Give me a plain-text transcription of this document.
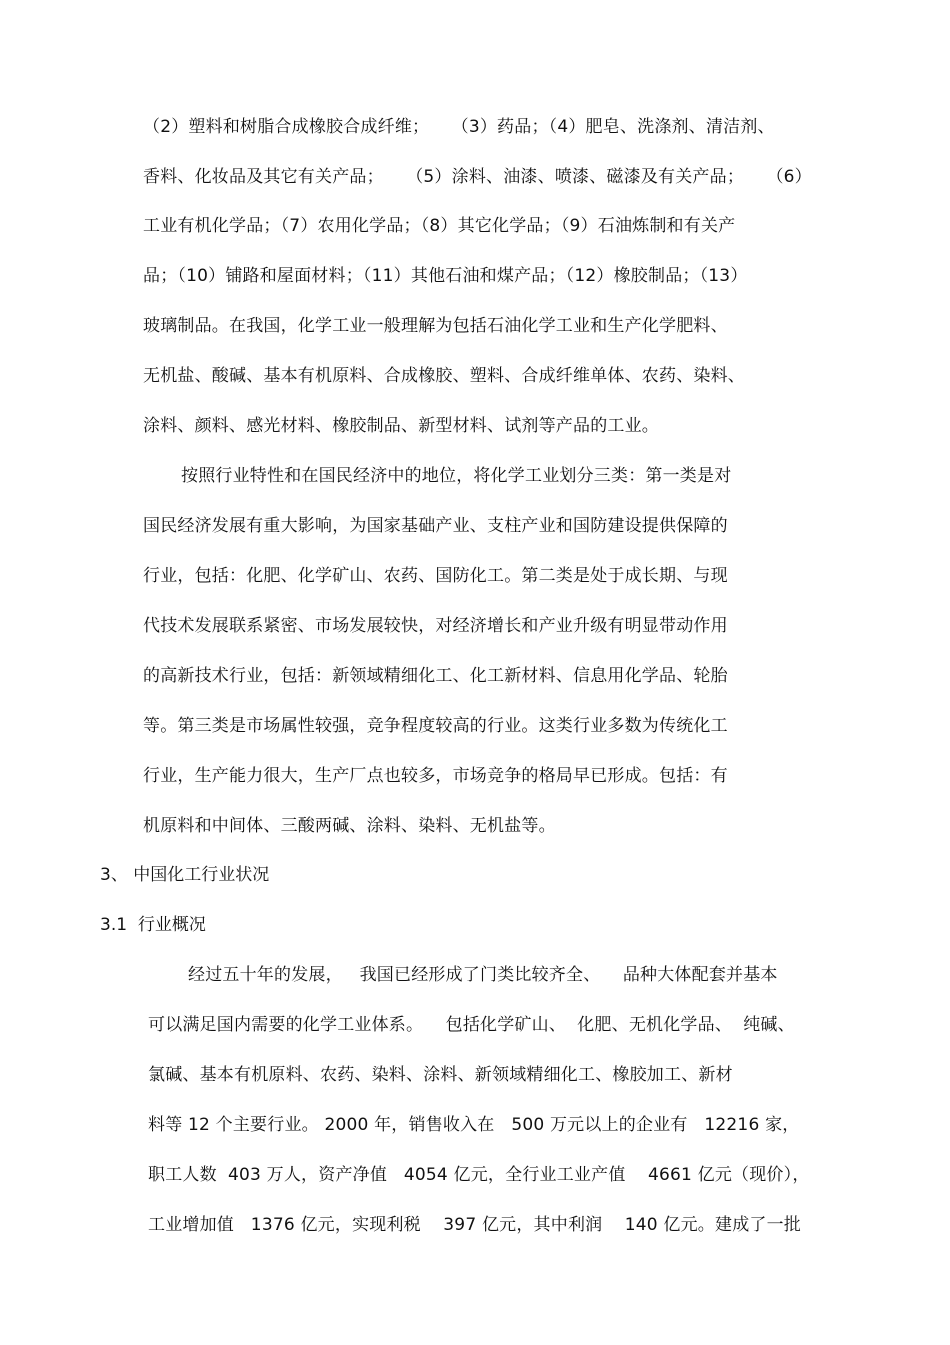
（2）塑料和树脂合成橡胶合成纤维；    （3）药品；（4）肥皂、洗涤剂、清洁剂、
香料、化妆品及其它有关产品；    （5）涂料、油漆、喷漆、磁漆及有关产品；    （6）
工业有机化学品；（7）农用化学品；（8）其它化学品；（9）石油炼制和有关产
品；（10）铺路和屋面材料；（11）其他石油和煤产品；（12）橡胶制品；（13）
玻璃制品。在我国，化学工业一般理解为包括石油化学工业和生产化学肥料、
无机盐、酸碱、基本有机原料、合成橡胶、塑料、合成纤维单体、农药、染料、
涂料、颜料、感光材料、橡胶制品、新型材料、试剂等产品的工业。
按照行业特性和在国民经济中的地位，将化学工业划分三类：第一类是对
国民经济发展有重大影响，为国家基础产业、支柱产业和国防建设提供保障的
行业，包括：化肥、化学矿山、农药、国防化工。第二类是处于成长期、与现
代技术发展联系紧密、市场发展较快，对经济增长和产业升级有明显带动作用
的高新技术行业，包括：新领域精细化工、化工新材料、信息用化学品、轮胎
等。第三类是市场属性较强，竞争程度较高的行业。这类行业多数为传统化工
行业，生产能力很大，生产厂点也较多，市场竞争的格局早已形成。包括：有
机原料和中间体、三酸两碱、涂料、染料、无机盐等。
3、 中国化工行业状况
3.1  行业概况
经过五十年的发展，   我国已经形成了门类比较齐全、    品种大体配套并基本
可以满足国内需要的化学工业体系。    包括化学矿山、  化肥、无机化学品、  纯碱、
氯碱、基本有机原料、农药、染料、涂料、新领域精细化工、橡胶加工、新材
料等 12 个主要行业。 2000 年，销售收入在   500 万元以上的企业有   12216 家，
职工人数  403 万人，资产净值   4054 亿元，全行业工业产值    4661 亿元（现价），
工业增加值   1376 亿元，实现利税    397 亿元，其中利润    140 亿元。建成了一批
